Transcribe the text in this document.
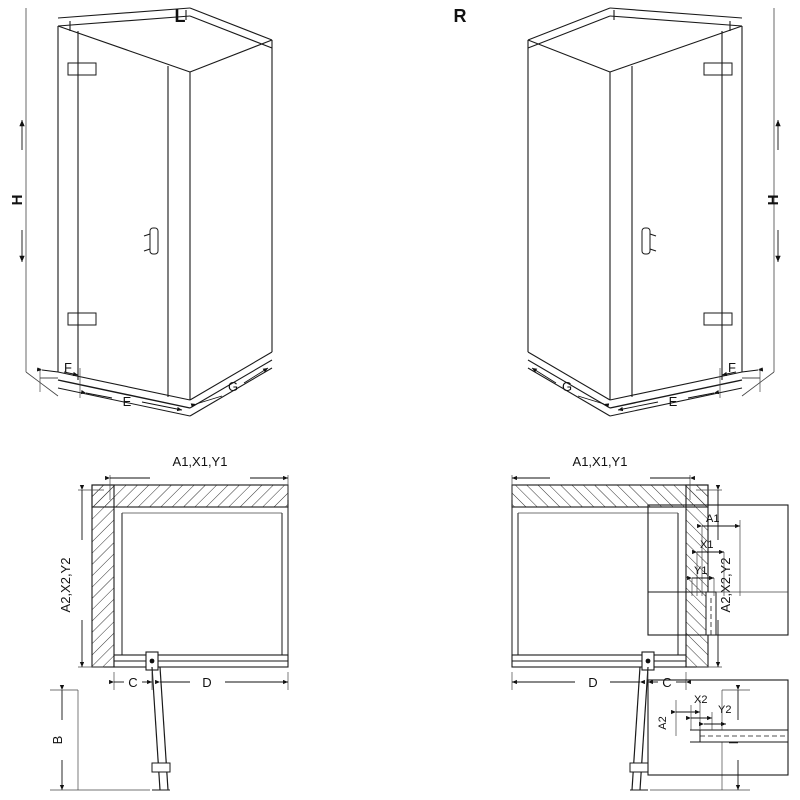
H
F
E
G
L
H
F
E
G
R
A1,X1,Y1
A2,X2,Y2
B
C	D
A1,X1,Y1
A2,X2,Y2
C
D
A1
X1
Y1
A2
X2
Y2
